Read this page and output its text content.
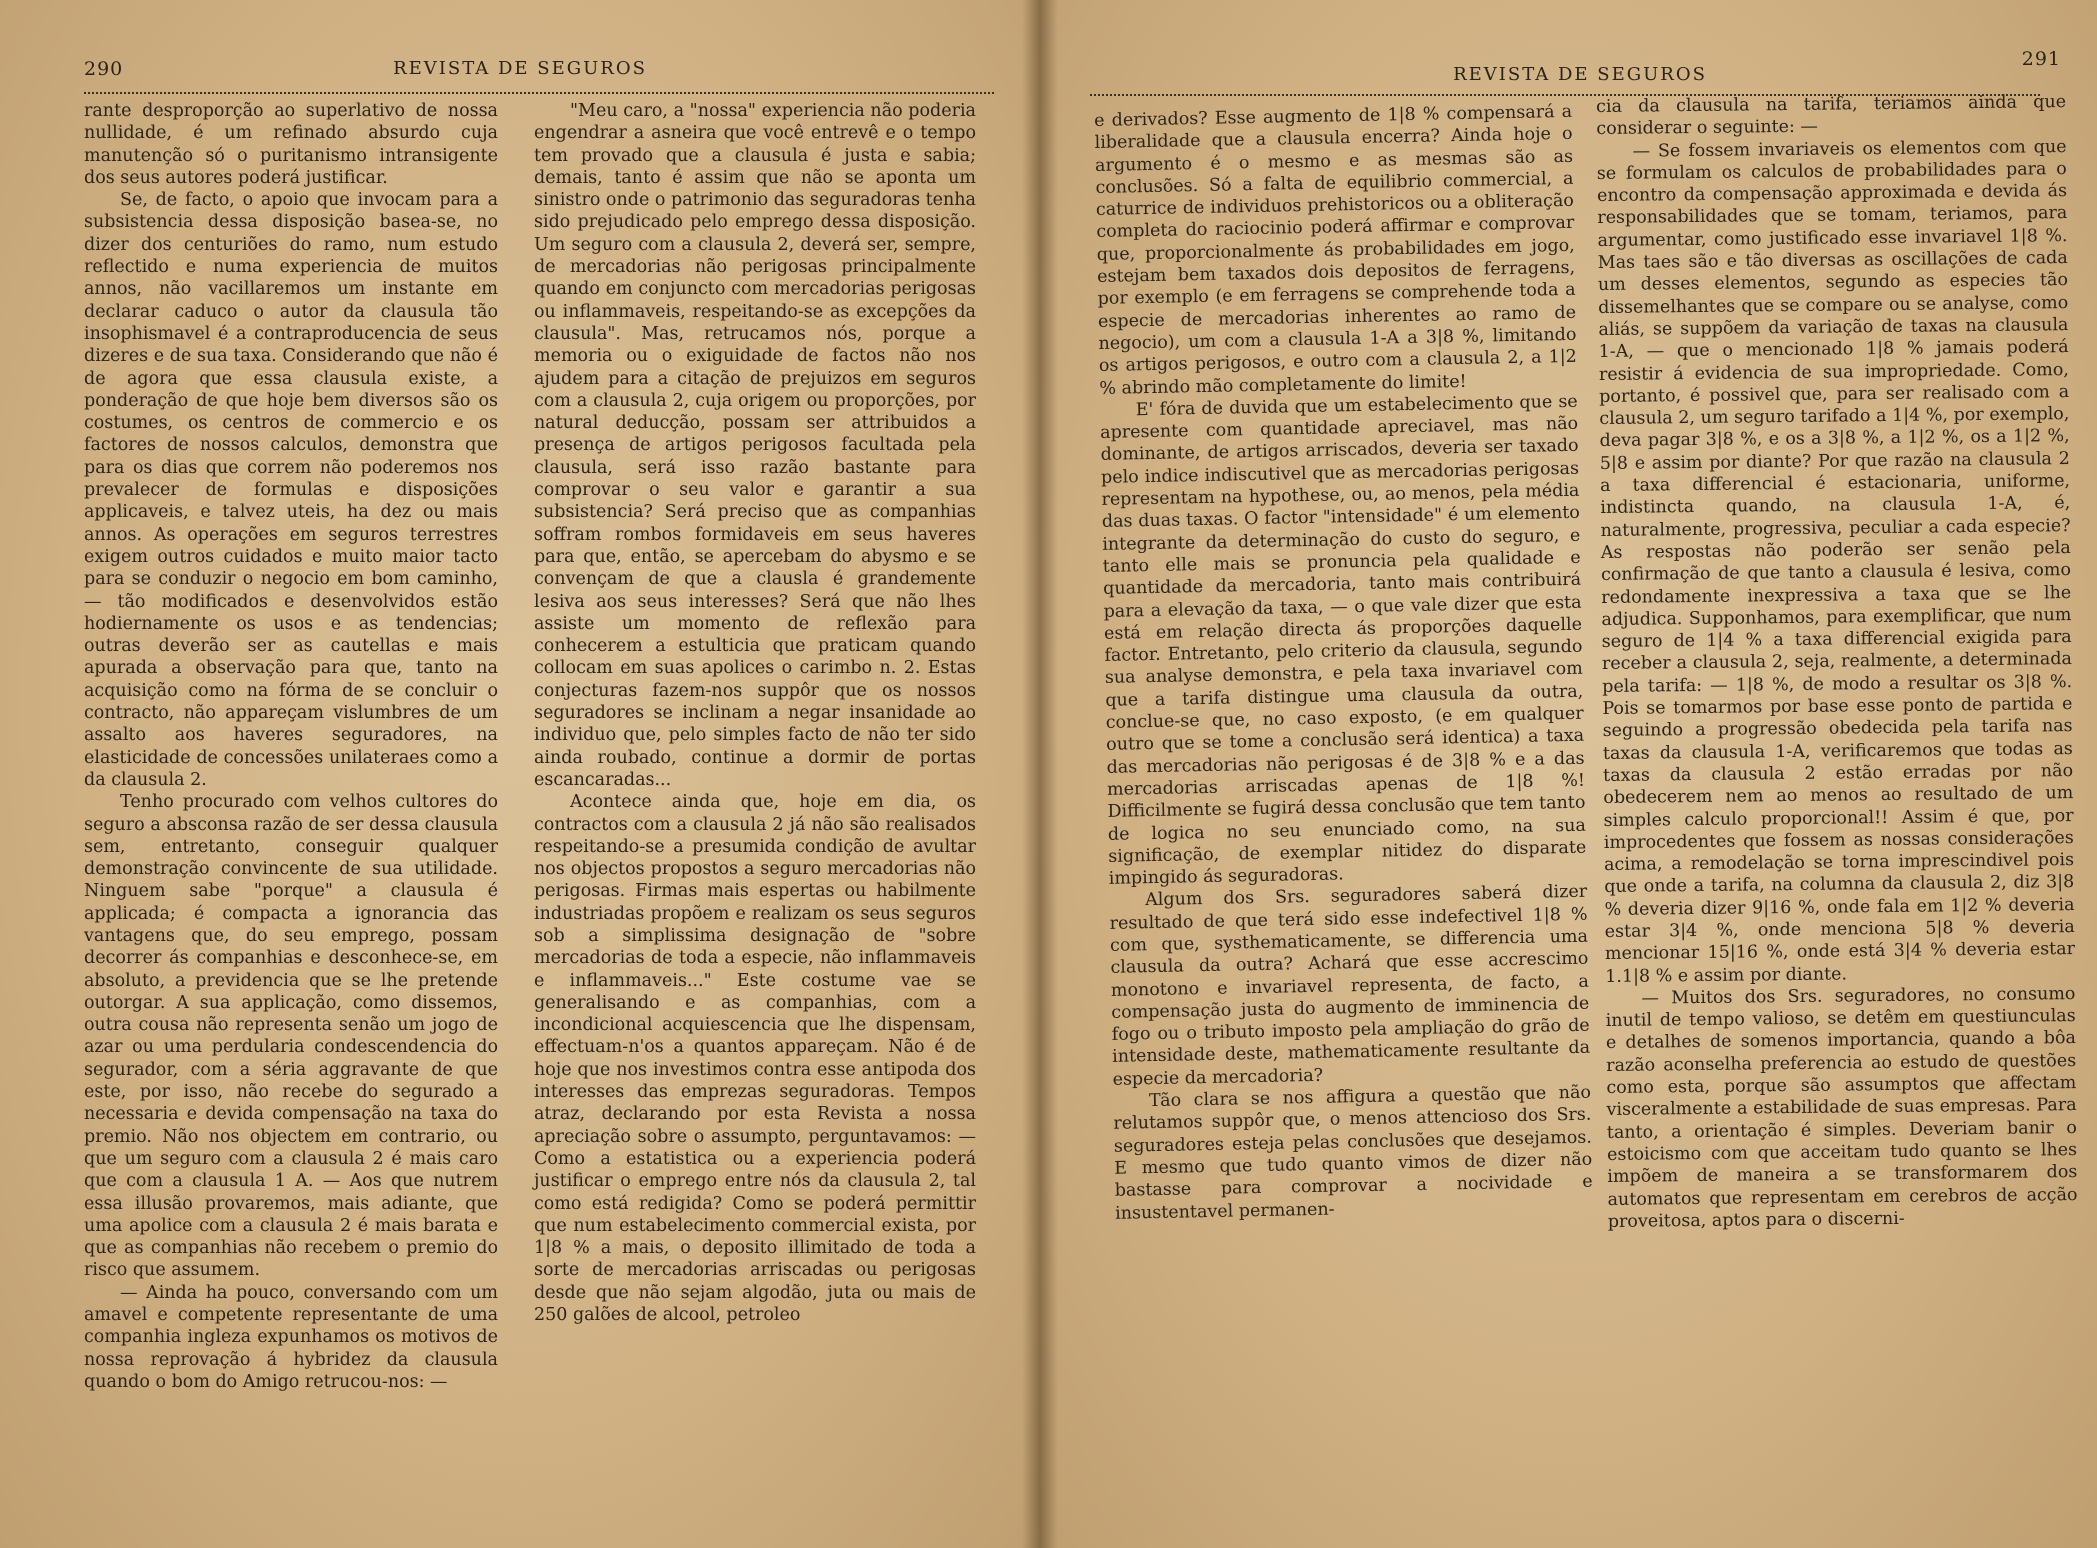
290	REVISTA DE SEGUROS

rante desproporção ao superlativo de nossa nullidade, é um refinado absurdo cuja manutenção só o puritanismo intransigente dos seus autores poderá justificar.

Se, de facto, o apoio que invocam para a subsistencia dessa disposição basea-se, no dizer dos centuriões do ramo, num estudo reflectido e numa experiencia de muitos annos, não vacillaremos um instante em declarar caduco o autor da clausula tão insophismavel é a contraproducencia de seus dizeres e de sua taxa. Considerando que não é de agora que essa clausula existe, a ponderação de que hoje bem diversos são os costumes, os centros de commercio e os factores de nossos calculos, demonstra que para os dias que correm não poderemos nos prevalecer de formulas e disposições applicaveis, e talvez uteis, ha dez ou mais annos. As operações em seguros terrestres exigem outros cuidados e muito maior tacto para se conduzir o negocio em bom caminho, — tão modificados e desenvolvidos estão hodiernamente os usos e as tendencias; outras deverão ser as cautellas e mais apurada a observação para que, tanto na acquisição como na fórma de se concluir o contracto, não appareçam vislumbres de um assalto aos haveres seguradores, na elasticidade de concessões unilateraes como a da clausula 2.

Tenho procurado com velhos cultores do seguro a absconsa razão de ser dessa clausula sem, entretanto, conseguir qualquer demonstração convincente de sua utilidade. Ninguem sabe "porque" a clausula é applicada; é compacta a ignorancia das vantagens que, do seu emprego, possam decorrer ás companhias e desconhece-se, em absoluto, a previdencia que se lhe pretende outorgar. A sua applicação, como dissemos, outra cousa não representa senão um jogo de azar ou uma perdularia condescendencia do segurador, com a séria aggravante de que este, por isso, não recebe do segurado a necessaria e devida compensação na taxa do premio. Não nos objectem em contrario, ou que um seguro com a clausula 2 é mais caro que com a clausula 1 A. — Aos que nutrem essa illusão provaremos, mais adiante, que uma apolice com a clausula 2 é mais barata e que as companhias não recebem o premio do risco que assumem.

— Ainda ha pouco, conversando com um amavel e competente representante de uma companhia ingleza expunhamos os motivos de nossa reprovação á hybridez da clausula quando o bom do Amigo retrucou-nos: —

"Meu caro, a "nossa" experiencia não poderia engendrar a asneira que você entrevê e o tempo tem provado que a clausula é justa e sabia; demais, tanto é assim que não se aponta um sinistro onde o patrimonio das seguradoras tenha sido prejudicado pelo emprego dessa disposição. Um seguro com a clausula 2, deverá ser, sempre, de mercadorias não perigosas principalmente quando em conjuncto com mercadorias perigosas ou inflammaveis, respeitando-se as excepções da clausula". Mas, retrucamos nós, porque a memoria ou o exiguidade de factos não nos ajudem para a citação de prejuizos em seguros com a clausula 2, cuja origem ou proporções, por natural deducção, possam ser attribuidos a presença de artigos perigosos facultada pela clausula, será isso razão bastante para comprovar o seu valor e garantir a sua subsistencia? Será preciso que as companhias soffram rombos formidaveis em seus haveres para que, então, se apercebam do abysmo e se convençam de que a clausla é grandemente lesiva aos seus interesses? Será que não lhes assiste um momento de reflexão para conhecerem a estulticia que praticam quando collocam em suas apolices o carimbo n. 2. Estas conjecturas fazem-nos suppôr que os nossos seguradores se inclinam a negar insanidade ao individuo que, pelo simples facto de não ter sido ainda roubado, continue a dormir de portas escancaradas...

Acontece ainda que, hoje em dia, os contractos com a clausula 2 já não são realisados respeitando-se a presumida condição de avultar nos objectos propostos a seguro mercadorias não perigosas. Firmas mais espertas ou habilmente industriadas propõem e realizam os seus seguros sob a simplissima designação de "sobre mercadorias de toda a especie, não inflammaveis e inflammaveis..." Este costume vae se generalisando e as companhias, com a incondicional acquiescencia que lhe dispensam, effectuam-n'os a quantos appareçam. Não é de hoje que nos investimos contra esse antipoda dos interesses das emprezas seguradoras. Tempos atraz, declarando por esta Revista a nossa apreciação sobre o assumpto, perguntavamos: — Como a estatistica ou a experiencia poderá justificar o emprego entre nós da clausula 2, tal como está redigida? Como se poderá permittir que num estabelecimento commercial exista, por 1|8 % a mais, o deposito illimitado de toda a sorte de mercadorias arriscadas ou perigosas desde que não sejam algodão, juta ou mais de 250 galões de alcool, petroleo

REVISTA DE SEGUROS
291

e derivados? Esse augmento de 1|8 % compensará a liberalidade que a clausula encerra? Ainda hoje o argumento é o mesmo e as mesmas são as conclusões. Só a falta de equilibrio commercial, a caturrice de individuos prehistoricos ou a obliteração completa do raciocinio poderá affirmar e comprovar que, proporcionalmente ás probabilidades em jogo, estejam bem taxados dois depositos de ferragens, por exemplo (e em ferragens se comprehende toda a especie de mercadorias inherentes ao ramo de negocio), um com a clausula 1-A a 3|8 %, limitando os artigos perigosos, e outro com a clausula 2, a 1|2 % abrindo mão completamente do limite!

E' fóra de duvida que um estabelecimento que se apresente com quantidade apreciavel, mas não dominante, de artigos arriscados, deveria ser taxado pelo indice indiscutivel que as mercadorias perigosas representam na hypothese, ou, ao menos, pela média das duas taxas. O factor "intensidade" é um elemento integrante da determinação do custo do seguro, e tanto elle mais se pronuncia pela qualidade e quantidade da mercadoria, tanto mais contribuirá para a elevação da taxa, — o que vale dizer que esta está em relação directa ás proporções daquelle factor. Entretanto, pelo criterio da clausula, segundo sua analyse demonstra, e pela taxa invariavel com que a tarifa distingue uma clausula da outra, conclue-se que, no caso exposto, (e em qualquer outro que se tome a conclusão será identica) a taxa das mercadorias não perigosas é de 3|8 % e a das mercadorias arriscadas apenas de 1|8 %! Difficilmente se fugirá dessa conclusão que tem tanto de logica no seu enunciado como, na sua significação, de exemplar nitidez do disparate impingido ás seguradoras.

Algum dos Srs. seguradores saberá dizer resultado de que terá sido esse indefectivel 1|8 % com que, systhematicamente, se differencia uma clausula da outra? Achará que esse accrescimo monotono e invariavel representa, de facto, a compensação justa do augmento de imminencia de fogo ou o tributo imposto pela ampliação do grão de intensidade deste, mathematicamente resultante da especie da mercadoria?

Tão clara se nos affigura a questão que não relutamos suppôr que, o menos attencioso dos Srs. seguradores esteja pelas conclusões que desejamos. E mesmo que tudo quanto vimos de dizer não bastasse para comprovar a nocividade e insustentavel permanen-

cia da clausula na tarifa, teriamos ainda que considerar o seguinte: —

— Se fossem invariaveis os elementos com que se formulam os calculos de probabilidades para o encontro da compensação approximada e devida ás responsabilidades que se tomam, teriamos, para argumentar, como justificado esse invariavel 1|8 %. Mas taes são e tão diversas as oscillações de cada um desses elementos, segundo as especies tão dissemelhantes que se compare ou se analyse, como aliás, se suppõem da variação de taxas na clausula 1-A, — que o mencionado 1|8 % jamais poderá resistir á evidencia de sua impropriedade. Como, portanto, é possivel que, para ser realisado com a clausula 2, um seguro tarifado a 1|4 %, por exemplo, deva pagar 3|8 %, e os a 3|8 %, a 1|2 %, os a 1|2 %, 5|8 e assim por diante? Por que razão na clausula 2 a taxa differencial é estacionaria, uniforme, indistincta quando, na clausula 1-A, é, naturalmente, progressiva, peculiar a cada especie? As respostas não poderão ser senão pela confirmação de que tanto a clausula é lesiva, como redondamente inexpressiva a taxa que se lhe adjudica. Supponhamos, para exemplificar, que num seguro de 1|4 % a taxa differencial exigida para receber a clausula 2, seja, realmente, a determinada pela tarifa: — 1|8 %, de modo a resultar os 3|8 %. Pois se tomarmos por base esse ponto de partida e seguindo a progressão obedecida pela tarifa nas taxas da clausula 1-A, verificaremos que todas as taxas da clausula 2 estão erradas por não obedecerem nem ao menos ao resultado de um simples calculo proporcional!! Assim é que, por improcedentes que fossem as nossas considerações acima, a remodelação se torna imprescindivel pois que onde a tarifa, na columna da clausula 2, diz 3|8 % deveria dizer 9|16 %, onde fala em 1|2 % deveria estar 3|4 %, onde menciona 5|8 % deveria mencionar 15|16 %, onde está 3|4 % deveria estar 1.1|8 % e assim por diante.

— Muitos dos Srs. seguradores, no consumo inutil de tempo valioso, se detêm em questiunculas e detalhes de somenos importancia, quando a bôa razão aconselha preferencia ao estudo de questões como esta, porque são assumptos que affectam visceralmente a estabilidade de suas empresas. Para tanto, a orientação é simples. Deveriam banir o estoicismo com que acceitam tudo quanto se lhes impõem de maneira a se transformarem dos automatos que representam em cerebros de acção proveitosa, aptos para o discerni-
